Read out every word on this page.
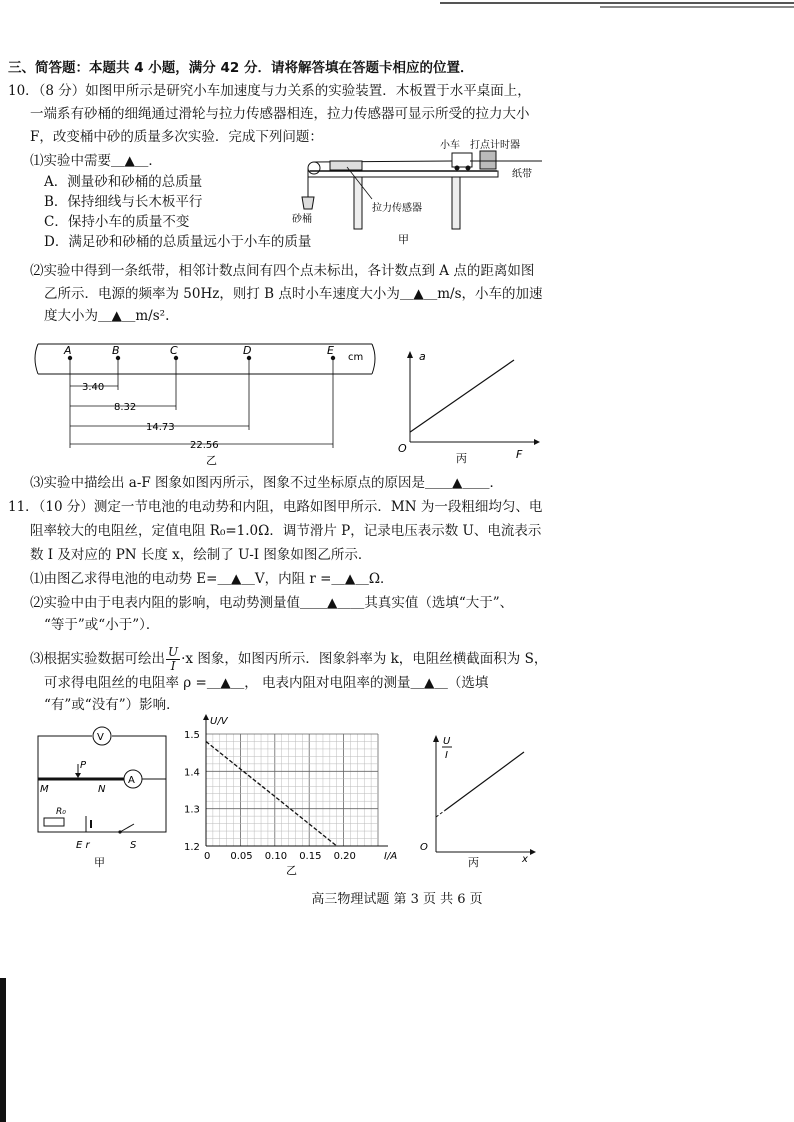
三、简答题：本题共 4 小题，满分 42 分．请将解答填在答题卡相应的位置．
10．（8 分）如图甲所示是研究小车加速度与力关系的实验装置．木板置于水平桌面上，
一端系有砂桶的细绳通过滑轮与拉力传感器相连，拉力传感器可显示所受的拉力大小
F，改变桶中砂的质量多次实验．完成下列问题：
⑴实验中需要＿▲＿．
A．测量砂和砂桶的总质量
B．保持细线与长木板平行
C．保持小车的质量不变
D．满足砂和砂桶的总质量远小于小车的质量
小车 打点计时器
纸带
拉力传感器
砂桶
甲
⑵实验中得到一条纸带，相邻计数点间有四个点未标出，各计数点到 A 点的距离如图
乙所示．电源的频率为 50Hz，则打 B 点时小车速度大小为＿▲＿m/s，小车的加速
度大小为＿▲＿m/s².
A	B	C	D	E
cm
3.40
8.32
14.73
22.56
乙
a
F
O
丙
⑶实验中描绘出 a-F 图象如图丙所示，图象不过坐标原点的原因是＿＿▲＿＿．
11．（10 分）测定一节电池的电动势和内阻，电路如图甲所示．MN 为一段粗细均匀、电
阻率较大的电阻丝，定值电阻 R₀=1.0Ω．调节滑片 P，记录电压表示数 U、电流表示
数 I 及对应的 PN 长度 x，绘制了 U-I 图象如图乙所示．
⑴由图乙求得电池的电动势 E=＿▲＿V，内阻 r =＿▲＿Ω．
⑵实验中由于电表内阻的影响，电动势测量值＿＿▲＿＿其真实值（选填“大于”、
“等于”或“小于”）．
⑶根据实验数据可绘出 $\frac{U}{I} \cdot x$ 图象，如图丙所示．图象斜率为 k，电阻丝横截面积为 S，
可求得电阻丝的电阻率 ρ =＿▲＿， 电表内阻对电阻率的测量＿▲＿（选填
“有”或“没有”）影响．
V
A
P
M	N
R₀
S
E r
甲
U/V
1.5
1.4
1.3
1.2
0 0.05 0.10 0.15 0.20	I/A
乙
U
I
x
O
丙
高三物理试题 第 3 页 共 6 页
